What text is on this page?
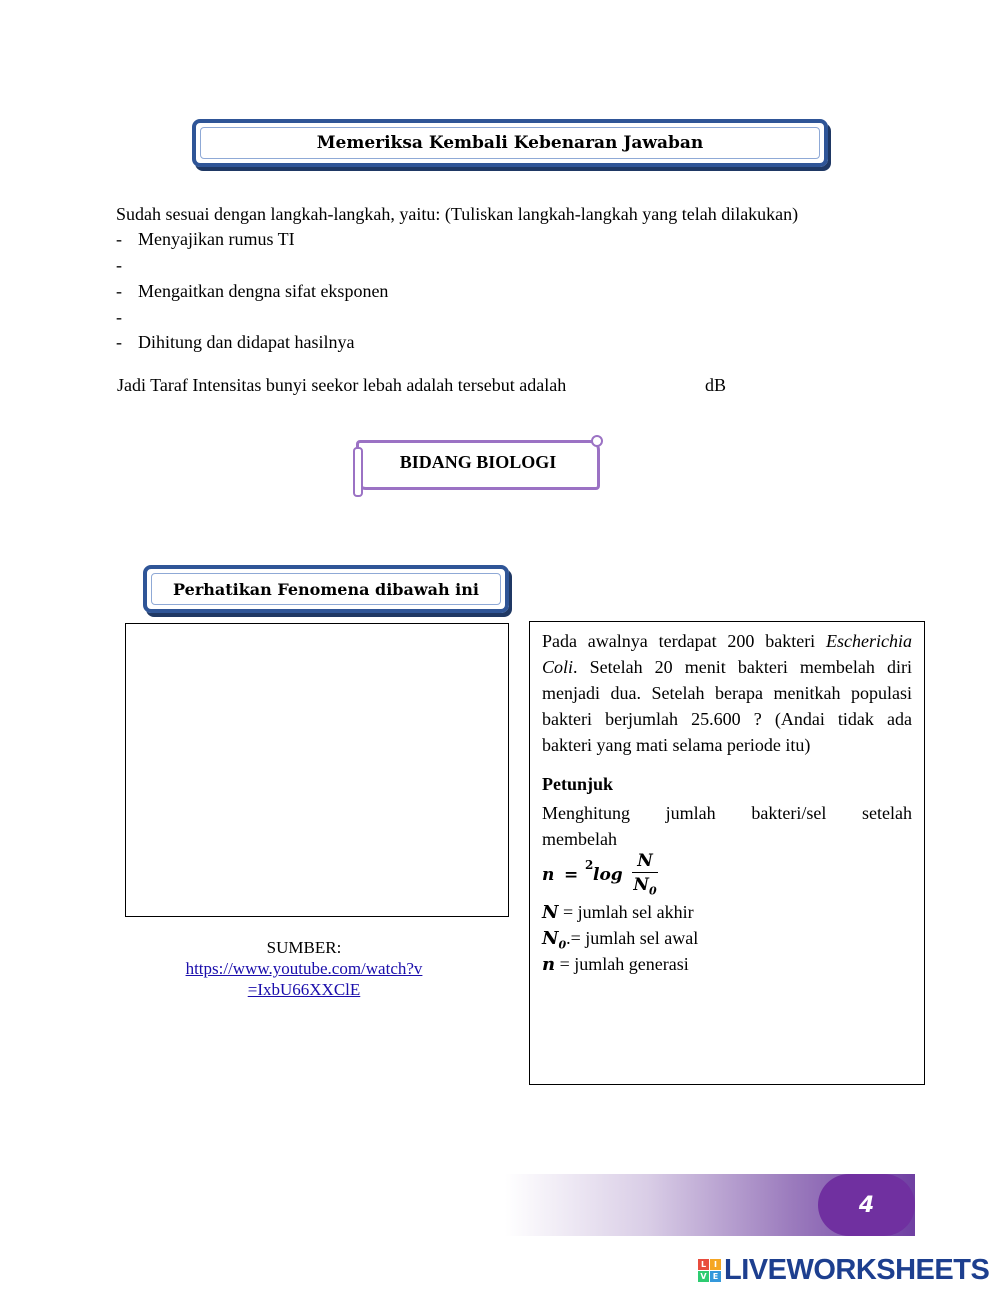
Memeriksa Kembali Kebenaran Jawaban
Sudah sesuai dengan langkah-langkah, yaitu: (Tuliskan langkah-langkah yang telah dilakukan)
- Menyajikan rumus TI
-
- Mengaitkan dengna sifat eksponen
-
- Dihitung dan didapat hasilnya
Jadi Taraf Intensitas bunyi seekor lebah adalah tersebut adalah	dB
BIDANG BIOLOGI
Perhatikan Fenomena dibawah ini
SUMBER:
https://www.youtube.com/watch?v
=IxbU66XXClE
Pada awalnya terdapat 200 bakteri Escherichia Coli. Setelah 20 menit bakteri membelah diri menjadi dua. Setelah berapa menitkah populasi bakteri berjumlah 25.600 ? (Andai tidak ada bakteri yang mati selama periode itu)
Petunjuk
Menghitung jumlah bakteri/sel setelah
membelah
n = 2 log
N
$N_0$
N = jumlah sel akhir
$N_0.=$ jumlah sel awal
n = jumlah generasi
4
L I
V E LIVEWORKSHEETS
